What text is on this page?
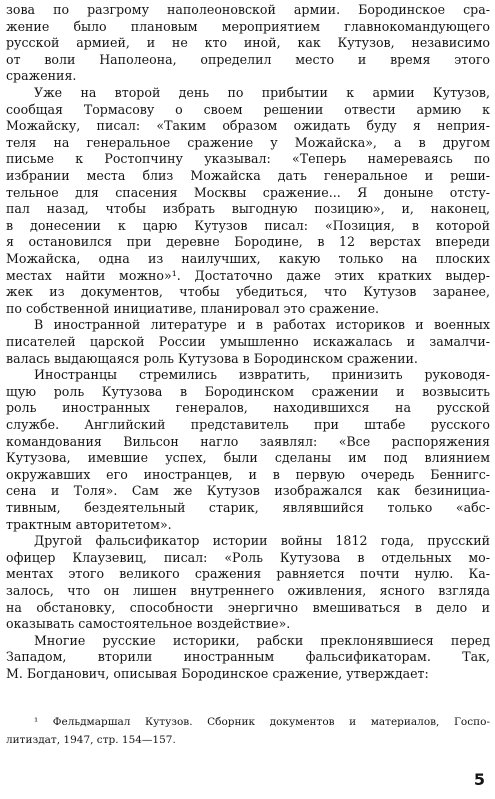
зова по разгрому наполеоновской армии. Бородинское сра-
жение было плановым мероприятием главнокомандующего
русской армией, и не кто иной, как Кутузов, независимо
от воли Наполеона, определил место и время этого
сражения.
Уже на второй день по прибытии к армии Кутузов,
сообщая Тормасову о своем решении отвести армию к
Можайску, писал: «Таким образом ожидать буду я неприя-
теля на генеральное сражение у Можайска», а в другом
письме к Ростопчину указывал: «Теперь намереваясь по
избрании места близ Можайска дать генеральное и реши-
тельное для спасения Москвы сражение... Я доныне отсту-
пал назад, чтобы избрать выгодную позицию», и, наконец,
в донесении к царю Кутузов писал: «Позиция, в которой
я остановился при деревне Бородине, в 12 верстах впереди
Можайска, одна из наилучших, какую только на плоских
местах найти можно»¹. Достаточно даже этих кратких выдер-
жек из документов, чтобы убедиться, что Кутузов заранее,
по собственной инициативе, планировал это сражение.
В иностранной литературе и в работах историков и военных
писателей царской России умышленно искажалась и замалчи-
валась выдающаяся роль Кутузова в Бородинском сражении.
Иностранцы стремились извратить, принизить руководя-
щую роль Кутузова в Бородинском сражении и возвысить
роль иностранных генералов, находившихся на русской
службе. Английский представитель при штабе русского
командования Вильсон нагло заявлял: «Все распоряжения
Кутузова, имевшие успех, были сделаны им под влиянием
окружавших его иностранцев, и в первую очередь Беннигс-
сена и Толя». Сам же Кутузов изображался как безинициа-
тивным, бездеятельный старик, являвшийся только «абс-
трактным авторитетом».
Другой фальсификатор истории войны 1812 года, прусский
офицер Клаузевиц, писал: «Роль Кутузова в отдельных мо-
ментах этого великого сражения равняется почти нулю. Ка-
залось, что он лишен внутреннего оживления, ясного взгляда
на обстановку, способности энергично вмешиваться в дело и
оказывать самостоятельное воздействие».
Многие русские историки, рабски преклонявшиеся перед
Западом, вторили иностранным фальсификаторам. Так,
М. Богданович, описывая Бородинское сражение, утверждает:
¹ Фельдмаршал Кутузов. Сборник документов и материалов, Госпо-
литиздат, 1947, стр. 154—157.
5
